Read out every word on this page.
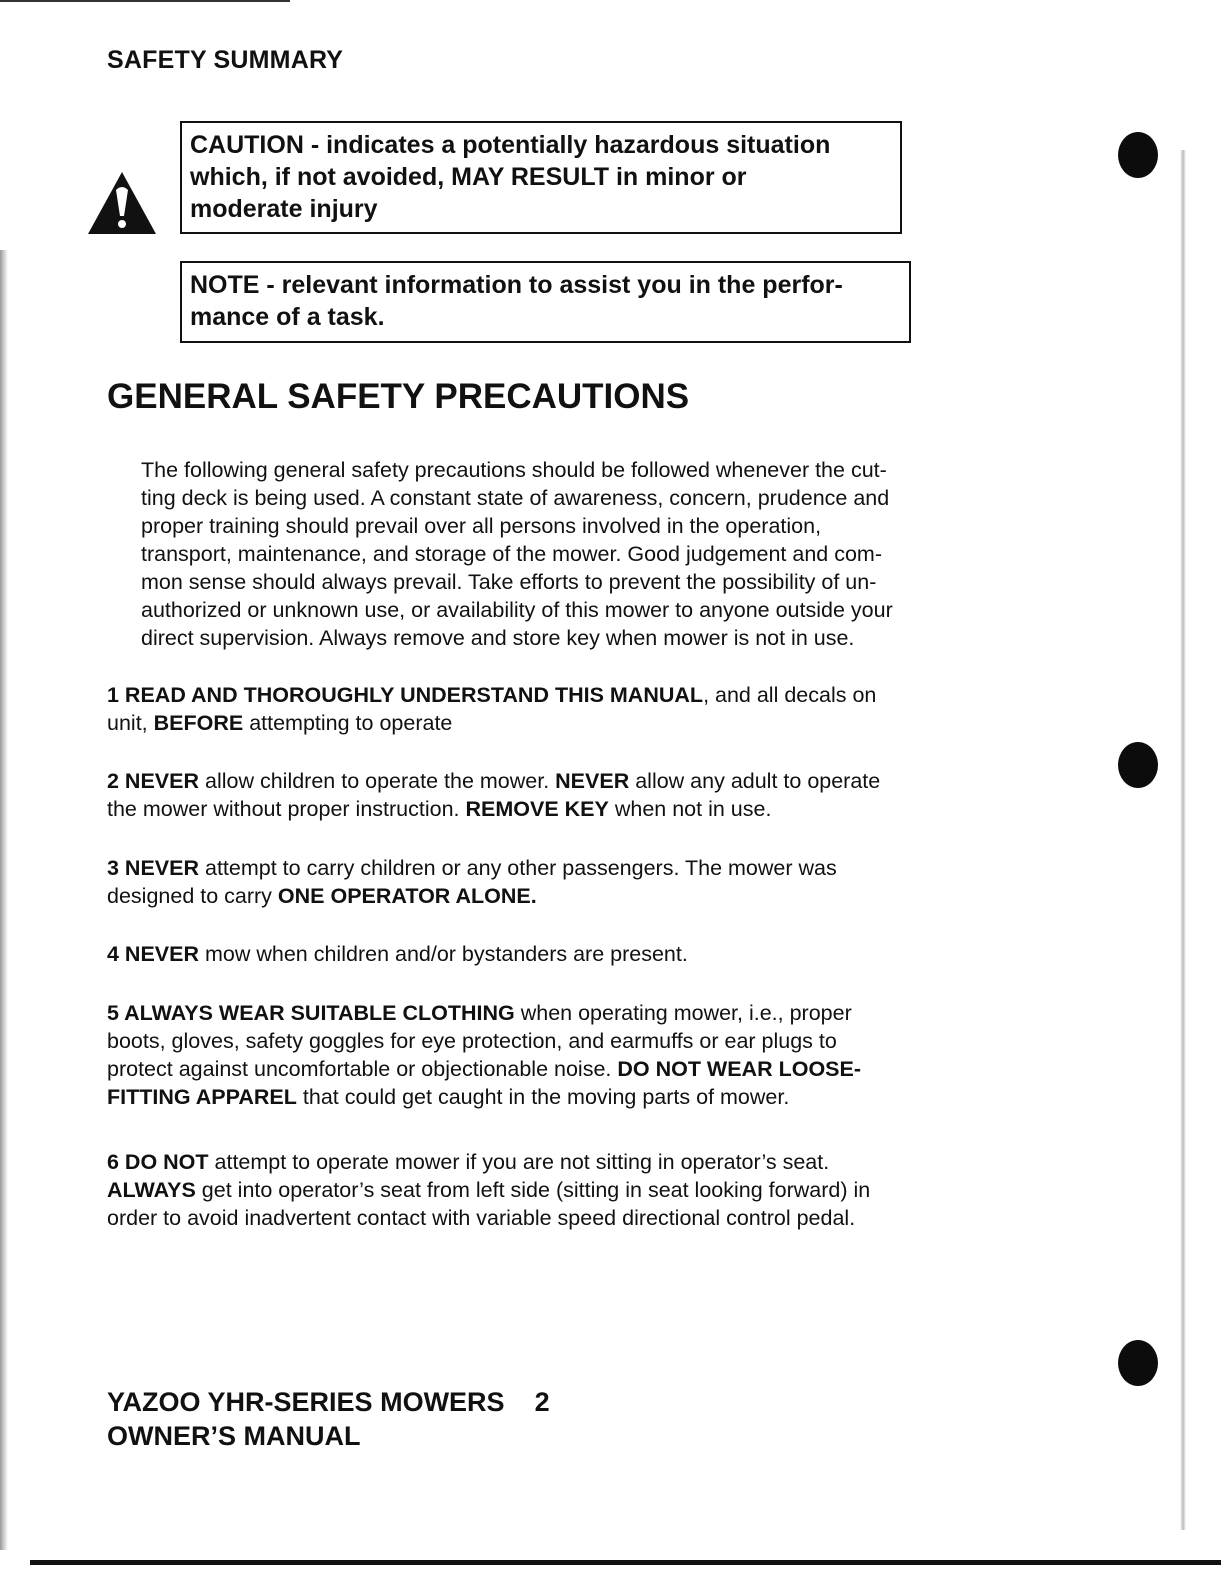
SAFETY SUMMARY
CAUTION - indicates a potentially hazardous situation
which, if not avoided, MAY RESULT in minor or
moderate injury
NOTE - relevant information to assist you in the perfor-
mance of a task.
GENERAL SAFETY PRECAUTIONS
The following general safety precautions should be followed whenever the cut-
ting deck is being used. A constant state of awareness, concern, prudence and
proper training should prevail over all persons involved in the operation,
transport, maintenance, and storage of the mower. Good judgement and com-
mon sense should always prevail. Take efforts to prevent the possibility of un-
authorized or unknown use, or availability of this mower to anyone outside your
direct supervision. Always remove and store key when mower is not in use.
1 READ AND THOROUGHLY UNDERSTAND THIS MANUAL, and all decals on
unit, BEFORE attempting to operate
2 NEVER allow children to operate the mower. NEVER allow any adult to operate
the mower without proper instruction. REMOVE KEY when not in use.
3 NEVER attempt to carry children or any other passengers. The mower was
designed to carry ONE OPERATOR ALONE.
4 NEVER mow when children and/or bystanders are present.
5 ALWAYS WEAR SUITABLE CLOTHING when operating mower, i.e., proper
boots, gloves, safety goggles for eye protection, and earmuffs or ear plugs to
protect against uncomfortable or objectionable noise. DO NOT WEAR LOOSE-
FITTING APPAREL that could get caught in the moving parts of mower.
6 DO NOT attempt to operate mower if you are not sitting in operator’s seat.
ALWAYS get into operator’s seat from left side (sitting in seat looking forward) in
order to avoid inadvertent contact with variable speed directional control pedal.
YAZOO YHR-SERIES MOWERS 2
OWNER’S MANUAL
